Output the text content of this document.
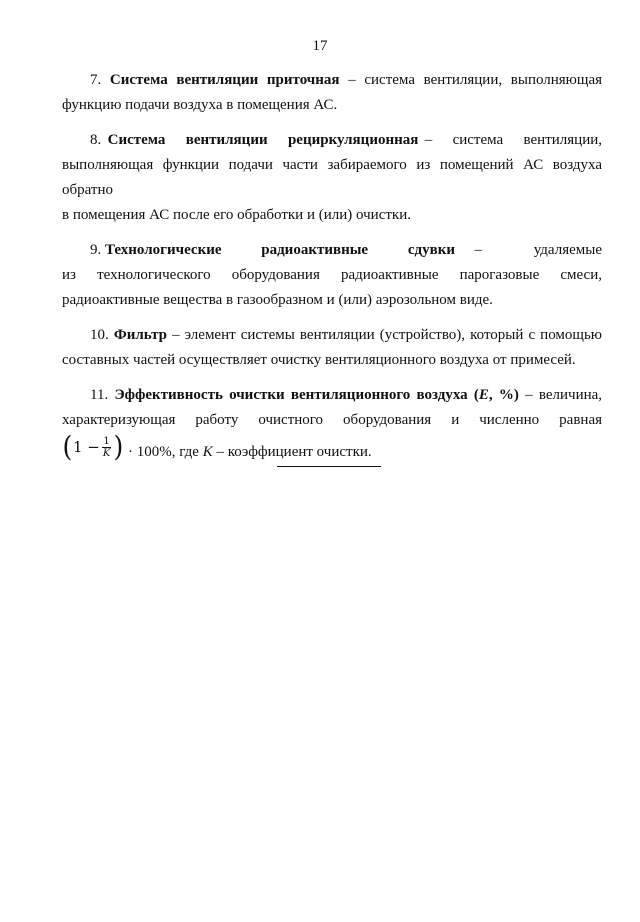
17
7. Система вентиляции приточная – система вентиляции, выполняющая
функцию подачи воздуха в помещения АС.
8. Система вентиляции рециркуляционная – система вентиляции,
выполняющая функции подачи части забираемого из помещений АС воздуха обратно
в помещения АС после его обработки и (или) очистки.
9. Технологические радиоактивные сдувки – удаляемые
из технологического оборудования радиоактивные парогазовые смеси,
радиоактивные вещества в газообразном и (или) аэрозольном виде.
10. Фильтр – элемент системы вентиляции (устройство), который с помощью
составных частей осуществляет очистку вентиляционного воздуха от примесей.
11. Эффективность очистки вентиляционного воздуха (E, %) – величина,
характеризующая работу очистного оборудования и численно равная
( $1 - \frac{1}{K}$ ) · 100%, где K – коэффициент очистки.
